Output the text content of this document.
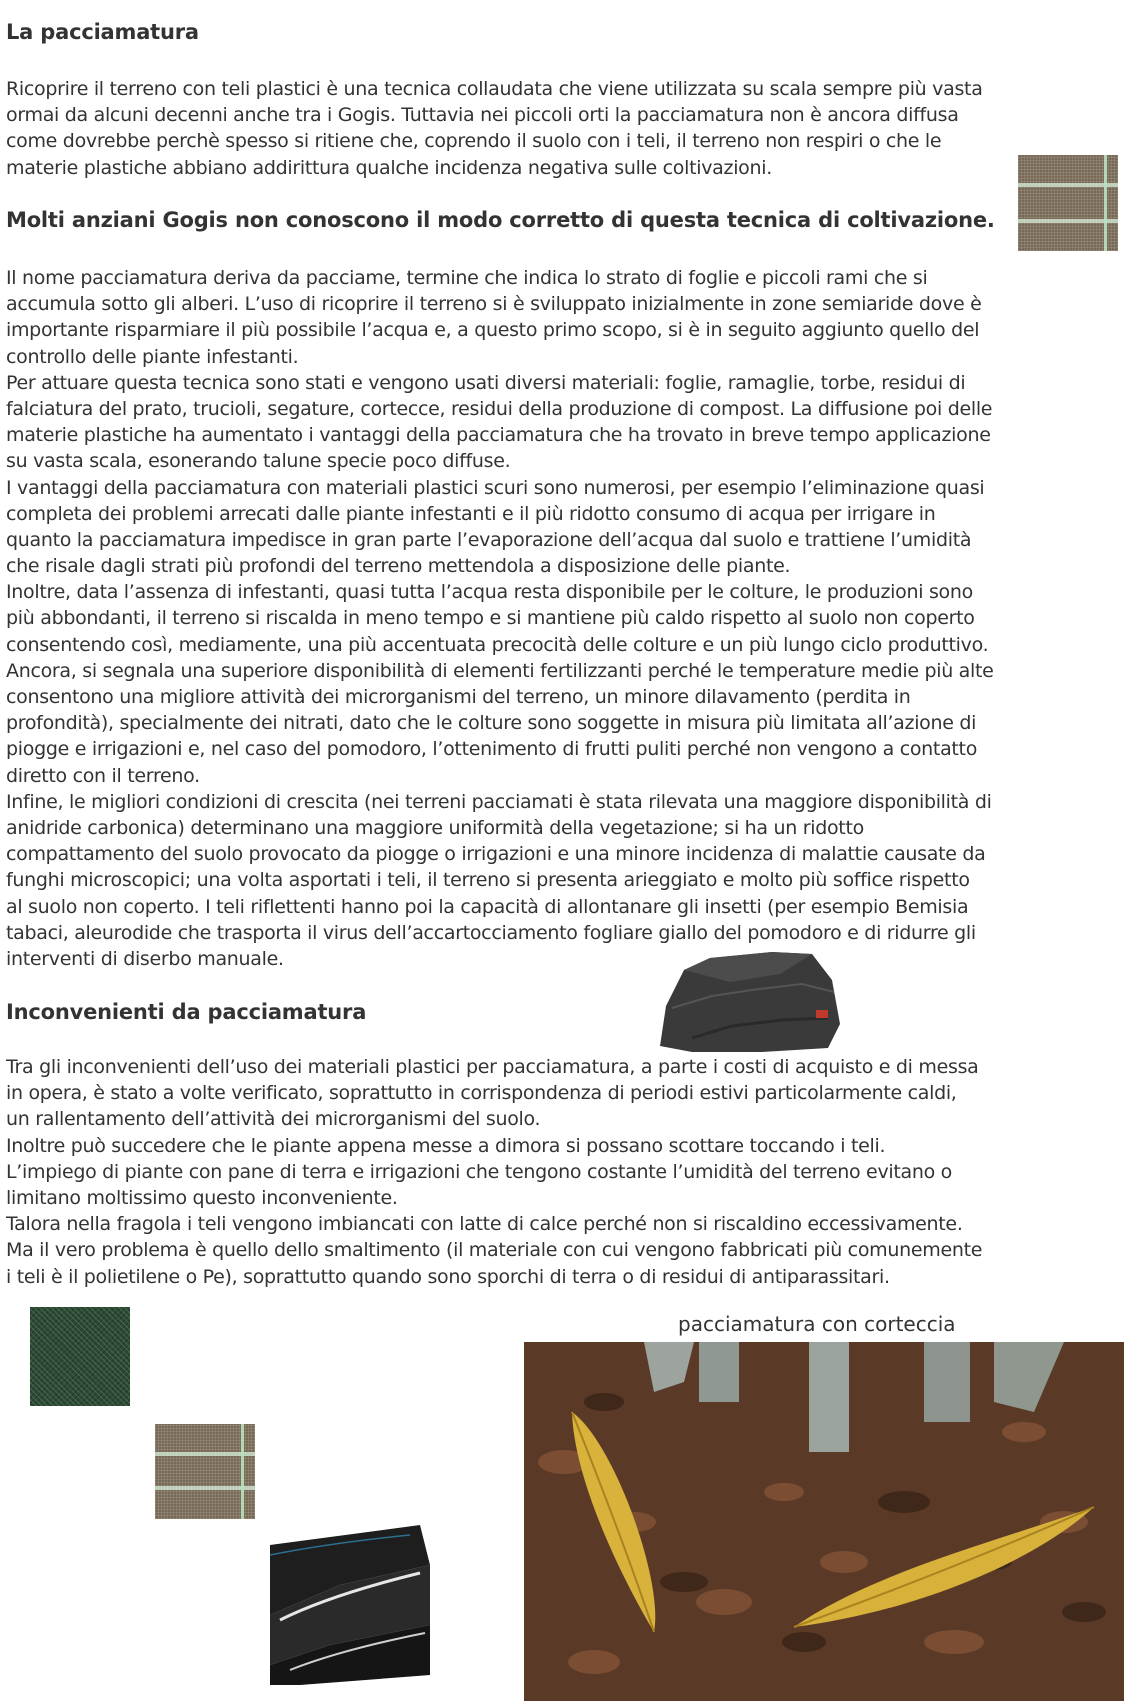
La pacciamatura
Ricoprire il terreno con teli plastici è una tecnica collaudata che viene utilizzata su scala sempre più vasta
ormai da alcuni decenni anche tra i Gogis. Tuttavia nei piccoli orti la pacciamatura non è ancora diffusa
come dovrebbe perchè spesso si ritiene che, coprendo il suolo con i teli, il terreno non respiri o che le
materie plastiche abbiano addirittura qualche incidenza negativa sulle coltivazioni.
Molti anziani Gogis non conoscono il modo corretto di questa tecnica di coltivazione.
Il nome pacciamatura deriva da pacciame, termine che indica lo strato di foglie e piccoli rami che si
accumula sotto gli alberi. L’uso di ricoprire il terreno si è sviluppato inizialmente in zone semiaride dove è
importante risparmiare il più possibile l’acqua e, a questo primo scopo, si è in seguito aggiunto quello del
controllo delle piante infestanti.
Per attuare questa tecnica sono stati e vengono usati diversi materiali: foglie, ramaglie, torbe, residui di
falciatura del prato, trucioli, segature, cortecce, residui della produzione di compost. La diffusione poi delle
materie plastiche ha aumentato i vantaggi della pacciamatura che ha trovato in breve tempo applicazione
su vasta scala, esonerando talune specie poco diffuse.
I vantaggi della pacciamatura con materiali plastici scuri sono numerosi, per esempio l’eliminazione quasi
completa dei problemi arrecati dalle piante infestanti e il più ridotto consumo di acqua per irrigare in
quanto la pacciamatura impedisce in gran parte l’evaporazione dell’acqua dal suolo e trattiene l’umidità
che risale dagli strati più profondi del terreno mettendola a disposizione delle piante.
Inoltre, data l’assenza di infestanti, quasi tutta l’acqua resta disponibile per le colture, le produzioni sono
più abbondanti, il terreno si riscalda in meno tempo e si mantiene più caldo rispetto al suolo non coperto
consentendo così, mediamente, una più accentuata precocità delle colture e un più lungo ciclo produttivo.
Ancora, si segnala una superiore disponibilità di elementi fertilizzanti perché le temperature medie più alte
consentono una migliore attività dei microrganismi del terreno, un minore dilavamento (perdita in
profondità), specialmente dei nitrati, dato che le colture sono soggette in misura più limitata all’azione di
piogge e irrigazioni e, nel caso del pomodoro, l’ottenimento di frutti puliti perché non vengono a contatto
diretto con il terreno.
Infine, le migliori condizioni di crescita (nei terreni pacciamati è stata rilevata una maggiore disponibilità di
anidride carbonica) determinano una maggiore uniformità della vegetazione; si ha un ridotto
compattamento del suolo provocato da piogge o irrigazioni e una minore incidenza di malattie causate da
funghi microscopici; una volta asportati i teli, il terreno si presenta arieggiato e molto più soffice rispetto
al suolo non coperto. I teli riflettenti hanno poi la capacità di allontanare gli insetti (per esempio Bemisia
tabaci, aleurodide che trasporta il virus dell’accartocciamento fogliare giallo del pomodoro e di ridurre gli
interventi di diserbo manuale.
Inconvenienti da pacciamatura
Tra gli inconvenienti dell’uso dei materiali plastici per pacciamatura, a parte i costi di acquisto e di messa
in opera, è stato a volte verificato, soprattutto in corrispondenza di periodi estivi particolarmente caldi,
un rallentamento dell’attività dei microrganismi del suolo.
Inoltre può succedere che le piante appena messe a dimora si possano scottare toccando i teli.
L’impiego di piante con pane di terra e irrigazioni che tengono costante l’umidità del terreno evitano o
limitano moltissimo questo inconveniente.
Talora nella fragola i teli vengono imbiancati con latte di calce perché non si riscaldino eccessivamente.
Ma il vero problema è quello dello smaltimento (il materiale con cui vengono fabbricati più comunemente
i teli è il polietilene o Pe), soprattutto quando sono sporchi di terra o di residui di antiparassitari.
pacciamatura con corteccia
